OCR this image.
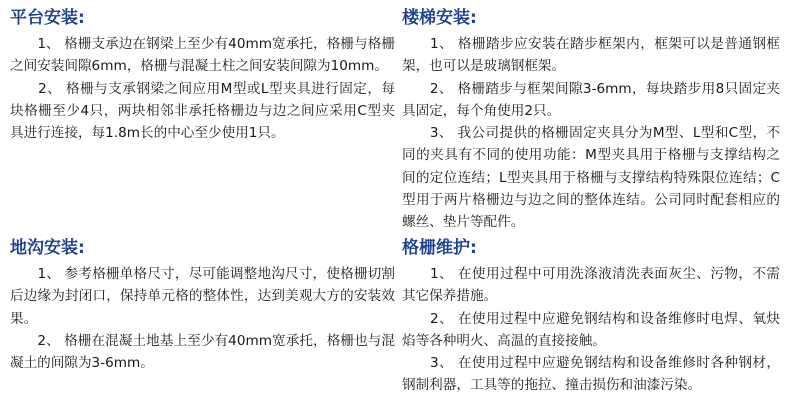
平台安装:

　　1、 格栅支承边在钢梁上至少有40mm宽承托，格栅与格栅之间安装间隙6mm，格栅与混凝土柱之间安装间隙为10mm。

　　2、 格栅与支承钢梁之间应用M型或L型夹具进行固定，每块格栅至少4只，两块相邻非承托格栅边与边之间应采用C型夹具进行连接，每1.8m长的中心至少使用1只。

楼梯安装:

　　1、 格栅踏步应安装在踏步框架内，框架可以是普通钢框架，也可以是玻璃钢框架。

　　2、 格栅踏步与框架间隙3-6mm，每块踏步用8只固定夹具固定，每个角使用2只。

　　3、 我公司提供的格栅固定夹具分为M型、L型和C型，不同的夹具有不同的使用功能：M型夹具用于格栅与支撑结构之间的定位连结；L型夹具用于格栅与支撑结构特殊限位连结；C型用于两片格栅边与边之间的整体连结。公司同时配套相应的螺丝、垫片等配件。

地沟安装:

　　1、 参考格栅单格尺寸，尽可能调整地沟尺寸，使格栅切割后边缘为封闭口，保持单元格的整体性，达到美观大方的安装效果。

　　2、 格栅在混凝土地基上至少有40mm宽承托，格栅也与混凝土的间隙为3-6mm。

格栅维护:

　　1、 在使用过程中可用洗涤液清洗表面灰尘、污物，不需其它保养措施。

　　2、 在使用过程中应避免钢结构和设备维修时电焊、氧炔焰等各种明火、高温的直接接触。

　　3、 在使用过程中应避免钢结构和设备维修时各种钢材，钢制利器，工具等的拖拉、撞击损伤和油漆污染。
